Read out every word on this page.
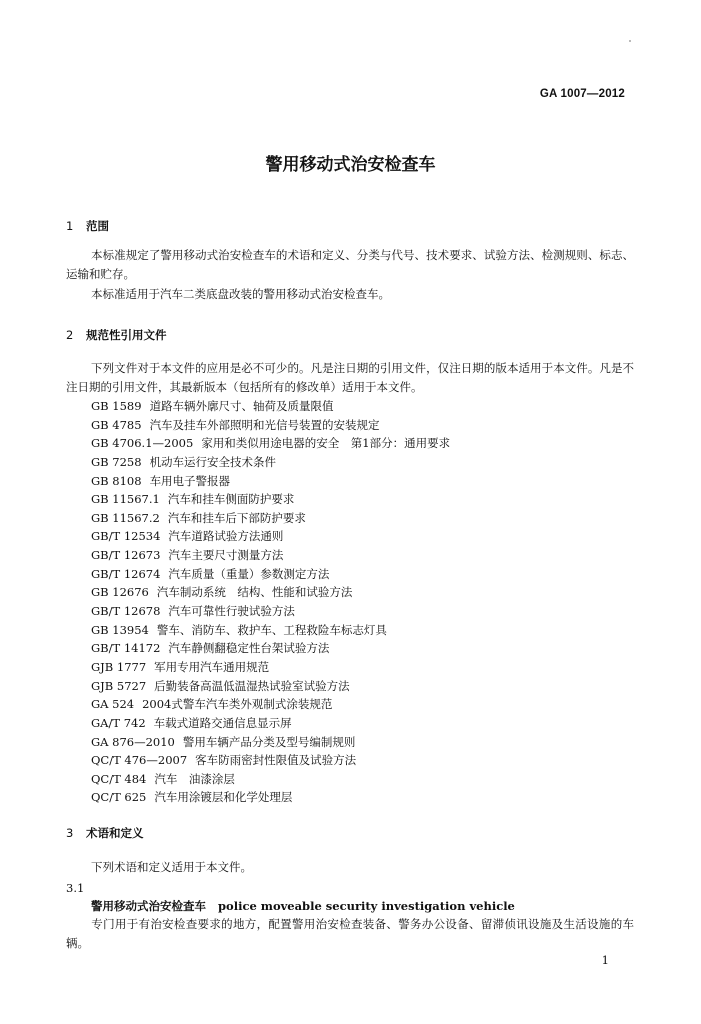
GA 1007—2012
警用移动式治安检查车
1 范围
本标准规定了警用移动式治安检查车的术语和定义、分类与代号、技术要求、试验方法、检测规则、标志、运输和贮存。
本标准适用于汽车二类底盘改装的警用移动式治安检查车。
2 规范性引用文件
下列文件对于本文件的应用是必不可少的。凡是注日期的引用文件，仅注日期的版本适用于本文件。凡是不注日期的引用文件，其最新版本（包括所有的修改单）适用于本文件。
GB 1589 道路车辆外廓尺寸、轴荷及质量限值
GB 4785 汽车及挂车外部照明和光信号装置的安装规定
GB 4706.1—2005 家用和类似用途电器的安全　第1部分：通用要求
GB 7258 机动车运行安全技术条件
GB 8108 车用电子警报器
GB 11567.1 汽车和挂车侧面防护要求
GB 11567.2 汽车和挂车后下部防护要求
GB/T 12534 汽车道路试验方法通则
GB/T 12673 汽车主要尺寸测量方法
GB/T 12674 汽车质量（重量）参数测定方法
GB 12676 汽车制动系统　结构、性能和试验方法
GB/T 12678 汽车可靠性行驶试验方法
GB 13954 警车、消防车、救护车、工程救险车标志灯具
GB/T 14172 汽车静侧翻稳定性台架试验方法
GJB 1777 军用专用汽车通用规范
GJB 5727 后勤装备高温低温湿热试验室试验方法
GA 524 2004式警车汽车类外观制式涂装规范
GA/T 742 车载式道路交通信息显示屏
GA 876—2010 警用车辆产品分类及型号编制规则
QC/T 476—2007 客车防雨密封性限值及试验方法
QC/T 484 汽车　油漆涂层
QC/T 625 汽车用涂镀层和化学处理层
3 术语和定义
下列术语和定义适用于本文件。
3.1
警用移动式治安检查车 police moveable security investigation vehicle
专门用于有治安检查要求的地方，配置警用治安检查装备、警务办公设备、留滞侦讯设施及生活设施的车辆。
1
